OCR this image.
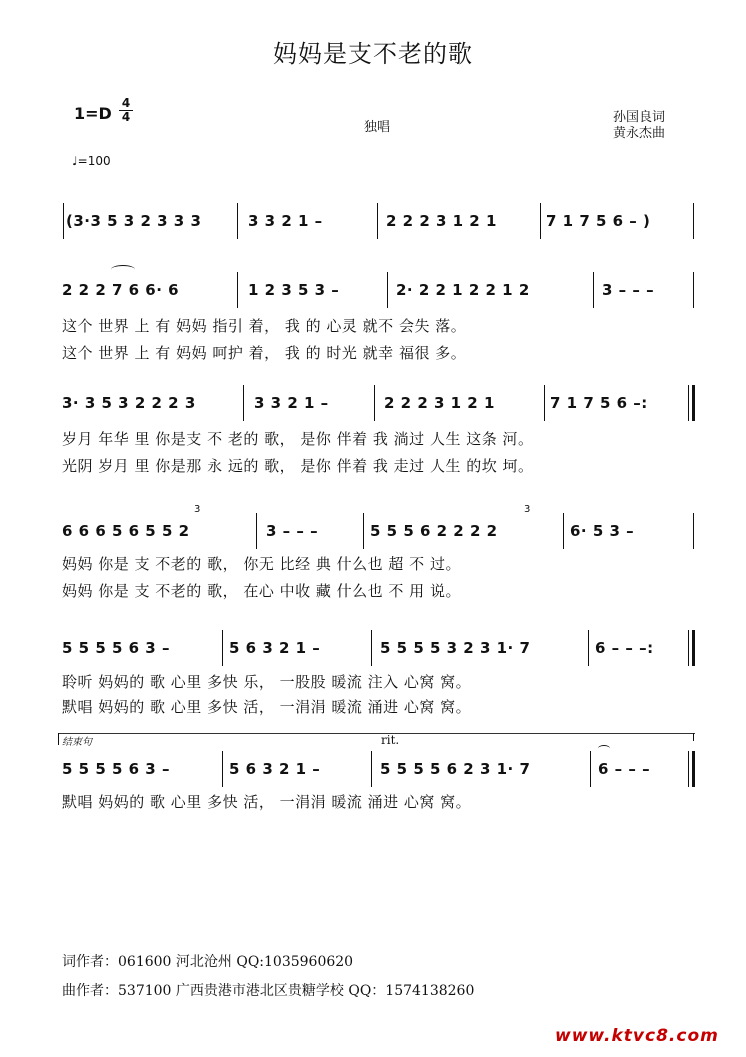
妈妈是支不老的歌
1=D
4
4
独唱
孙国良词
黄永杰曲
♩=100
(3·3 5 3 2 3 3 3	3 3 2 1 –	2 2 2 3 1 2 1	7 1 7 5 6 – )
2 2 2 7 6 6· 6	1 2 3 5 3 –	2· 2 2 1 2 2 1 2	3 – – –
这个 世界 上 有 妈妈 指引 着， 我 的 心灵 就不 会失 落。
这个 世界 上 有 妈妈 呵护 着， 我 的 时光 就幸 福很 多。
3· 3 5 3 2 2 2 3	3 3 2 1 –	2 2 2 3 1 2 1	7 1 7 5 6 –:
岁月 年华 里 你是支 不 老的 歌， 是你 伴着 我 淌过 人生 这条 河。
光阴 岁月 里 你是那 永 远的 歌， 是你 伴着 我 走过 人生 的坎 坷。
3	3
6 6 6 5 6 5 5 2	3 – – –	5 5 5 6 2 2 2 2	6· 5 3 –
妈妈 你是 支 不老的 歌， 你无 比经 典 什么也 超 不 过。
妈妈 你是 支 不老的 歌， 在心 中收 藏 什么也 不 用 说。
5 5 5 5 6 3 –	5 6 3 2 1 –	5 5 5 5 3 2 3 1· 7	6 – – –:
聆听 妈妈的 歌 心里 多快 乐， 一股股 暖流 注入 心窝 窝。
默唱 妈妈的 歌 心里 多快 活， 一涓涓 暖流 涌进 心窝 窝。
结束句	rit.
5 5 5 5 6 3 –	5 6 3 2 1 –	5 5 5 5 6 2 3 1· 7	6 – – –
默唱 妈妈的 歌 心里 多快 活， 一涓涓 暖流 涌进 心窝 窝。
词作者：061600 河北沧州 QQ:1035960620
曲作者：537100 广西贵港市港北区贵糖学校 QQ：1574138260
www.ktvc8.com
